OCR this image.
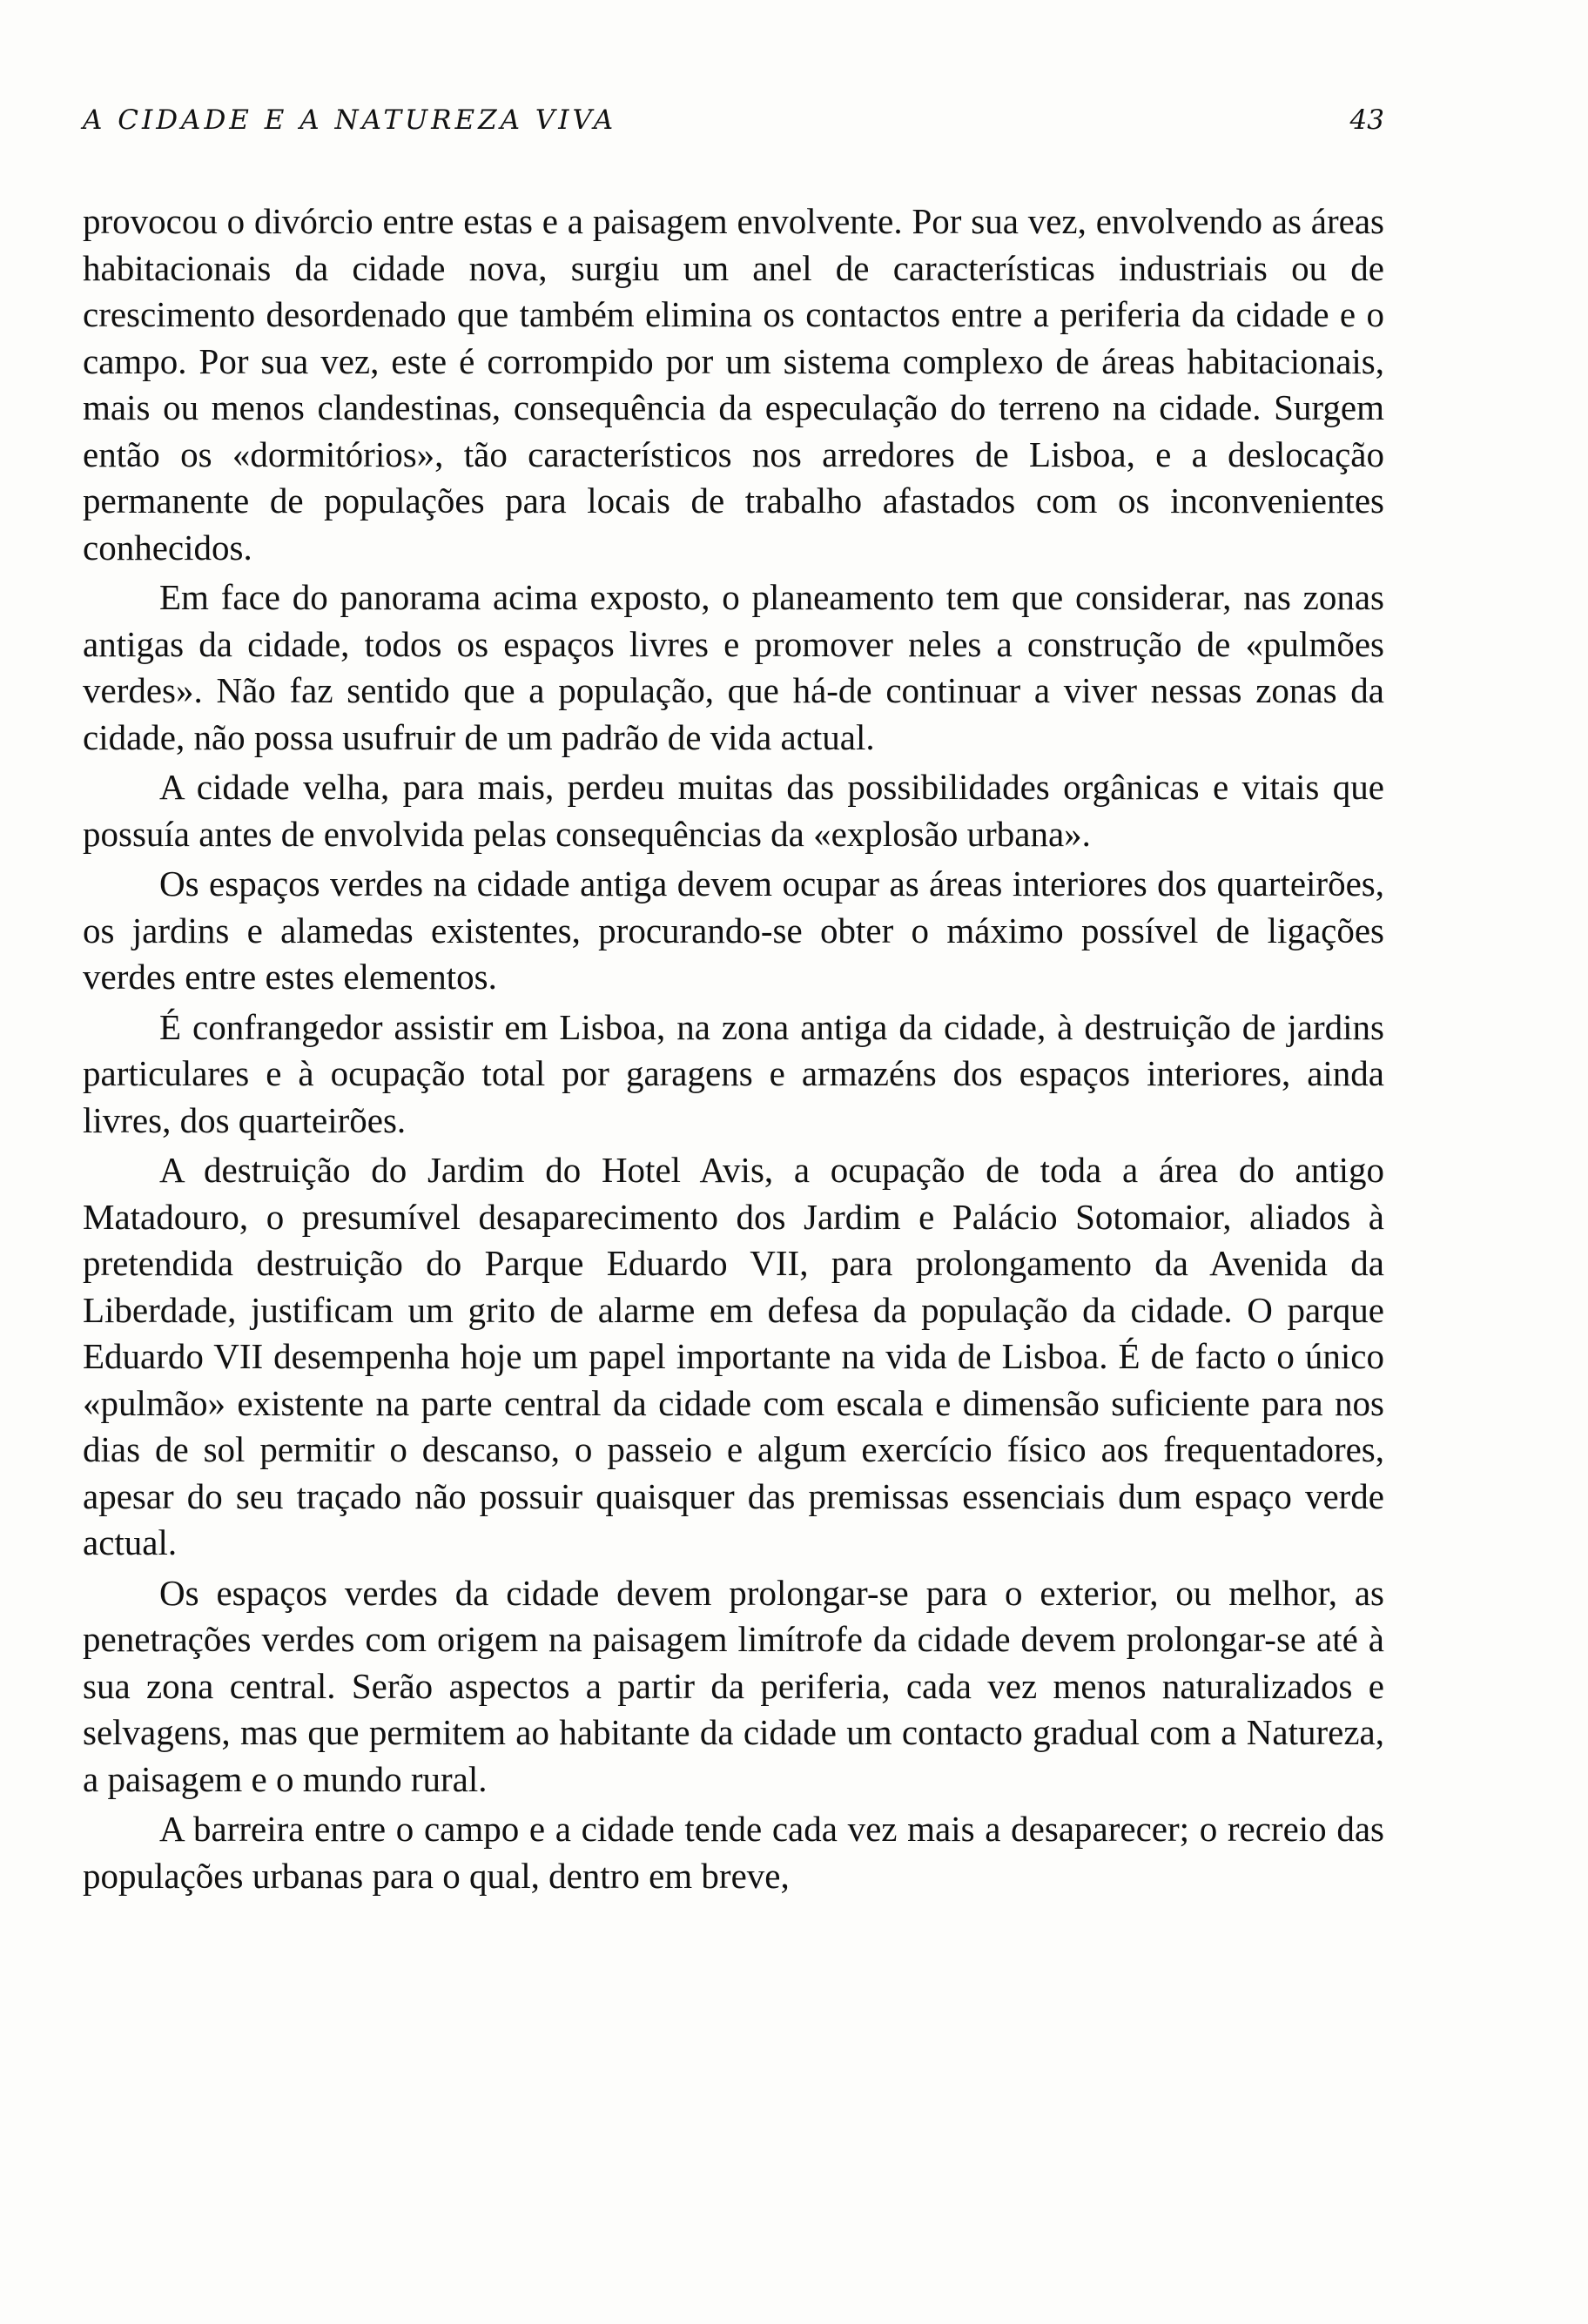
A CIDADE E A NATUREZA VIVA	43

provocou o divórcio entre estas e a paisagem envolvente. Por sua vez, envolvendo as áreas habitacionais da cidade nova, surgiu um anel de características industriais ou de crescimento desordenado que também elimina os contactos entre a periferia da cidade e o campo. Por sua vez, este é corrompido por um sistema complexo de áreas habitacionais, mais ou menos clandestinas, consequência da especulação do terreno na cidade. Surgem então os «dormitórios», tão característicos nos arredores de Lisboa, e a deslocação permanente de populações para locais de trabalho afastados com os inconvenientes conhecidos.

Em face do panorama acima exposto, o planeamento tem que considerar, nas zonas antigas da cidade, todos os espaços livres e promover neles a construção de «pulmões verdes». Não faz sentido que a população, que há-de continuar a viver nessas zonas da cidade, não possa usufruir de um padrão de vida actual.

A cidade velha, para mais, perdeu muitas das possibilidades orgânicas e vitais que possuía antes de envolvida pelas consequências da «explosão urbana».

Os espaços verdes na cidade antiga devem ocupar as áreas interiores dos quarteirões, os jardins e alamedas existentes, procurando-se obter o máximo possível de ligações verdes entre estes elementos.

É confrangedor assistir em Lisboa, na zona antiga da cidade, à destruição de jardins particulares e à ocupação total por garagens e armazéns dos espaços interiores, ainda livres, dos quarteirões.

A destruição do Jardim do Hotel Avis, a ocupação de toda a área do antigo Matadouro, o presumível desaparecimento dos Jardim e Palácio Sotomaior, aliados à pretendida destruição do Parque Eduardo VII, para prolongamento da Avenida da Liberdade, justificam um grito de alarme em defesa da população da cidade. O parque Eduardo VII desempenha hoje um papel importante na vida de Lisboa. É de facto o único «pulmão» existente na parte central da cidade com escala e dimensão suficiente para nos dias de sol permitir o descanso, o passeio e algum exercício físico aos frequentadores, apesar do seu traçado não possuir quaisquer das premissas essenciais dum espaço verde actual.

Os espaços verdes da cidade devem prolongar-se para o exterior, ou melhor, as penetrações verdes com origem na paisagem limítrofe da cidade devem prolongar-se até à sua zona central. Serão aspectos a partir da periferia, cada vez menos naturalizados e selvagens, mas que permitem ao habitante da cidade um contacto gradual com a Natureza, a paisagem e o mundo rural.

A barreira entre o campo e a cidade tende cada vez mais a desaparecer; o recreio das populações urbanas para o qual, dentro em breve,
